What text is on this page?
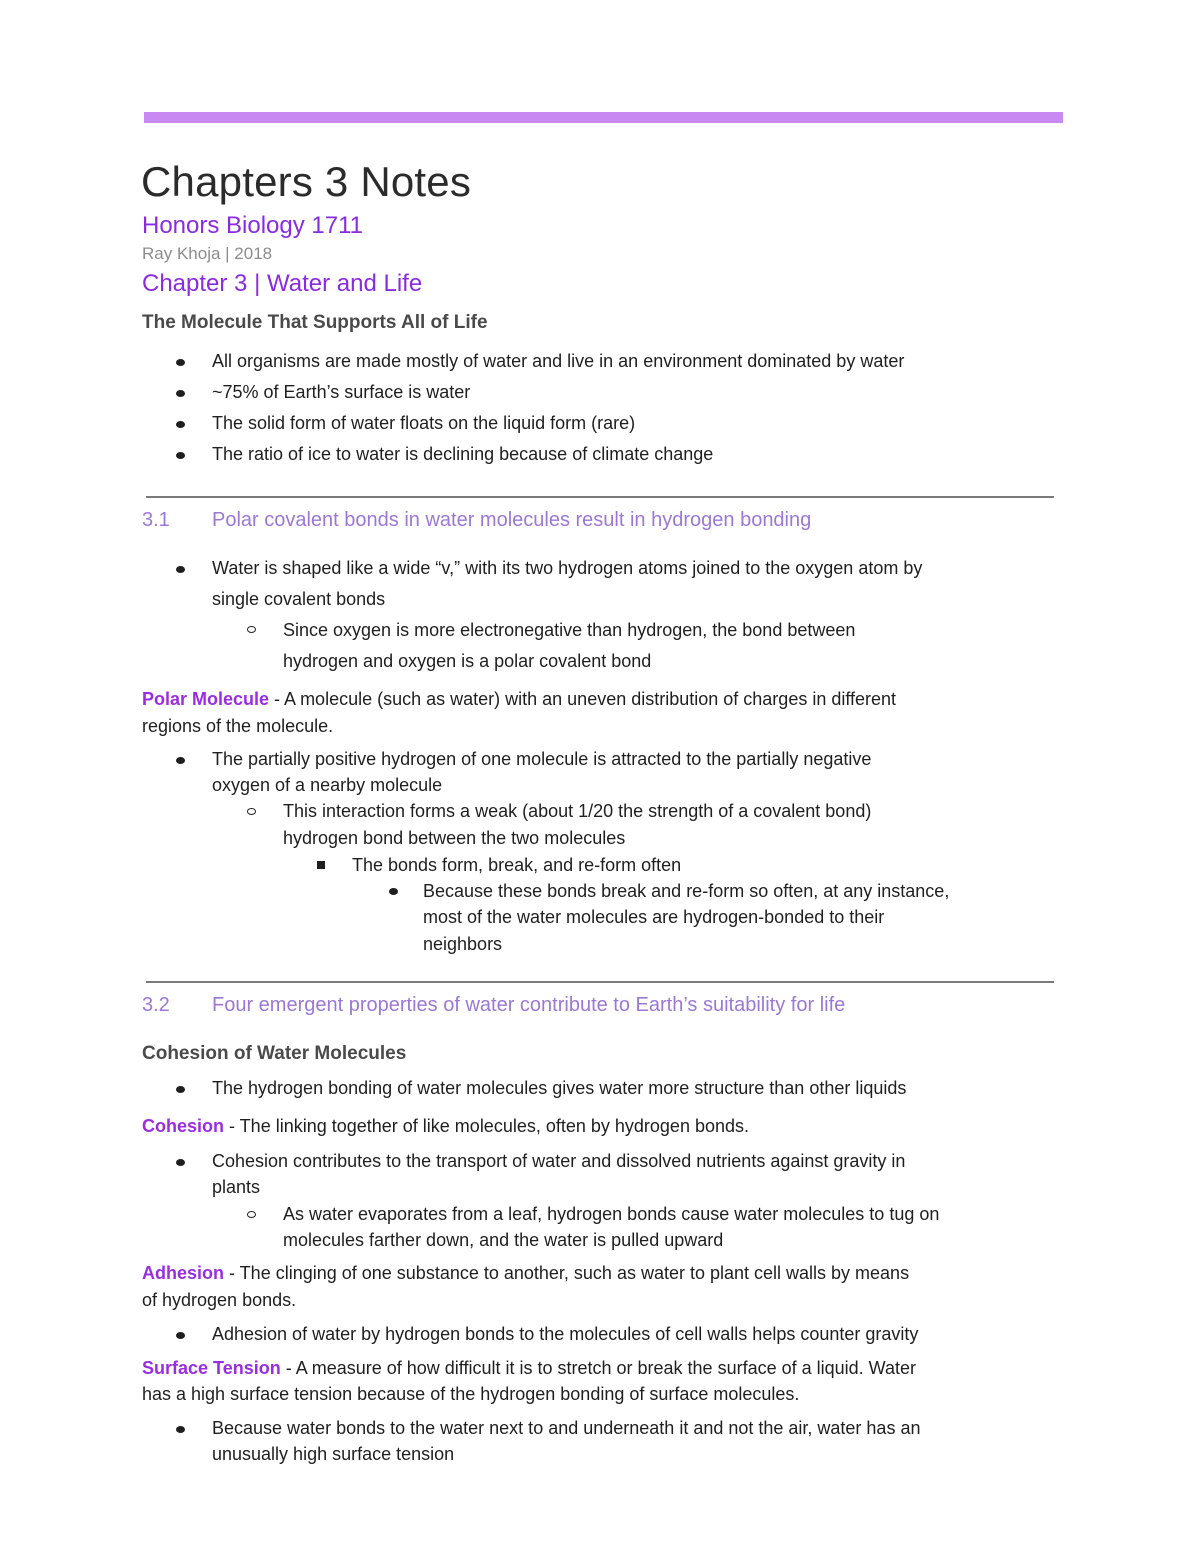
Chapters 3 Notes
Honors Biology 1711
Ray Khoja | 2018
Chapter 3 | Water and Life
The Molecule That Supports All of Life
All organisms are made mostly of water and live in an environment dominated by water
~75% of Earth’s surface is water
The solid form of water floats on the liquid form (rare)
The ratio of ice to water is declining because of climate change
3.1 Polar covalent bonds in water molecules result in hydrogen bonding
Water is shaped like a wide “v,” with its two hydrogen atoms joined to the oxygen atom by
single covalent bonds
Since oxygen is more electronegative than hydrogen, the bond between
hydrogen and oxygen is a polar covalent bond
Polar Molecule - A molecule (such as water) with an uneven distribution of charges in different
regions of the molecule.
The partially positive hydrogen of one molecule is attracted to the partially negative
oxygen of a nearby molecule
This interaction forms a weak (about 1/20 the strength of a covalent bond)
hydrogen bond between the two molecules
The bonds form, break, and re-form often
Because these bonds break and re-form so often, at any instance,
most of the water molecules are hydrogen-bonded to their
neighbors
3.2 Four emergent properties of water contribute to Earth’s suitability for life
Cohesion of Water Molecules
The hydrogen bonding of water molecules gives water more structure than other liquids
Cohesion - The linking together of like molecules, often by hydrogen bonds.
Cohesion contributes to the transport of water and dissolved nutrients against gravity in
plants
As water evaporates from a leaf, hydrogen bonds cause water molecules to tug on
molecules farther down, and the water is pulled upward
Adhesion - The clinging of one substance to another, such as water to plant cell walls by means
of hydrogen bonds.
Adhesion of water by hydrogen bonds to the molecules of cell walls helps counter gravity
Surface Tension - A measure of how difficult it is to stretch or break the surface of a liquid. Water
has a high surface tension because of the hydrogen bonding of surface molecules.
Because water bonds to the water next to and underneath it and not the air, water has an
unusually high surface tension
